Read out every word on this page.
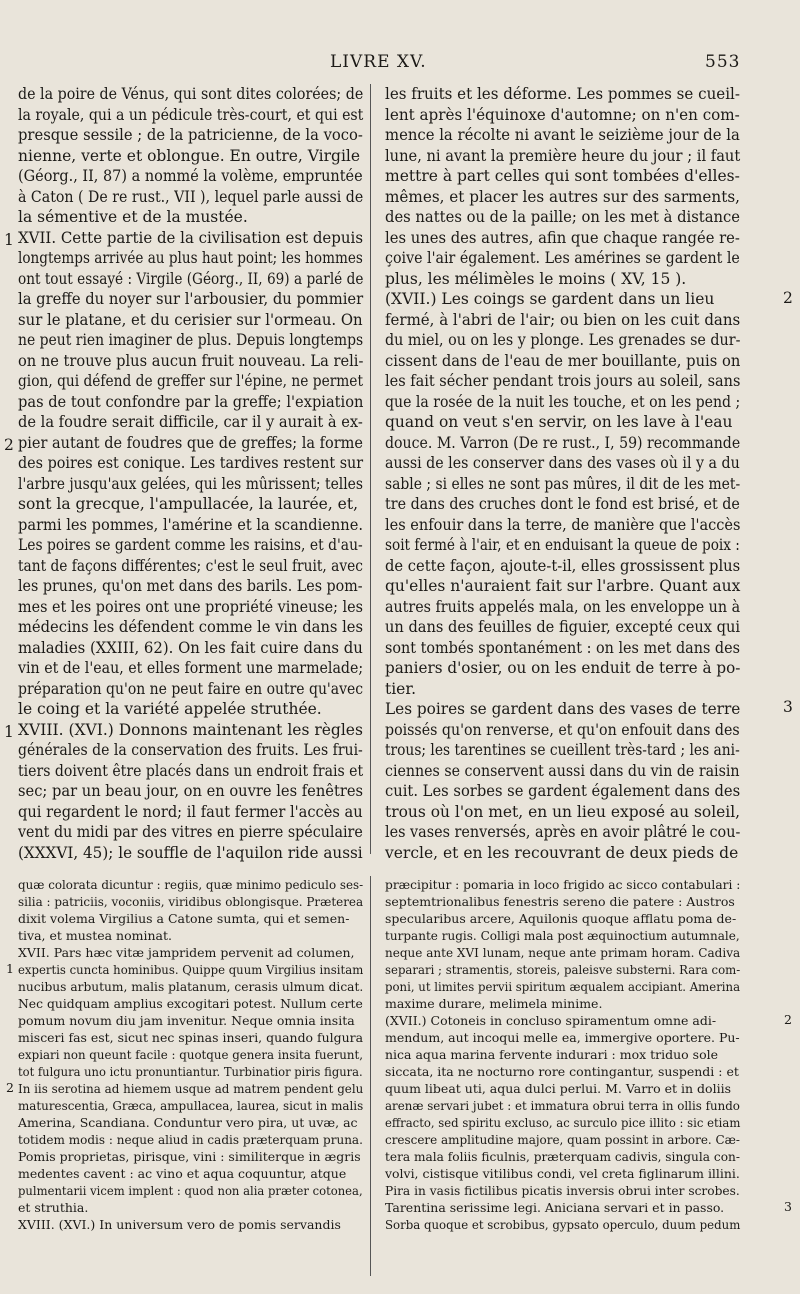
LIVRE XV.	553
de la poire de Vénus, qui sont dites colorées; de
la royale, qui a un pédicule très-court, et qui est
presque sessile ; de la patricienne, de la voco-
nienne, verte et oblongue. En outre, Virgile
(Géorg., II, 87) a nommé la volème, empruntée
à Caton ( De re rust., VII ), lequel parle aussi de
la sémentive et de la mustée.
XVII. Cette partie de la civilisation est depuis
longtemps arrivée au plus haut point; les hommes
ont tout essayé : Virgile (Géorg., II, 69) a parlé de
la greffe du noyer sur l'arbousier, du pommier
sur le platane, et du cerisier sur l'ormeau. On
ne peut rien imaginer de plus. Depuis longtemps
on ne trouve plus aucun fruit nouveau. La reli-
gion, qui défend de greffer sur l'épine, ne permet
pas de tout confondre par la greffe; l'expiation
de la foudre serait difficile, car il y aurait à ex-
pier autant de foudres que de greffes; la forme
des poires est conique. Les tardives restent sur
l'arbre jusqu'aux gelées, qui les mûrissent; telles
sont la grecque, l'ampullacée, la laurée, et,
parmi les pommes, l'amérine et la scandienne.
Les poires se gardent comme les raisins, et d'au-
tant de façons différentes; c'est le seul fruit, avec
les prunes, qu'on met dans des barils. Les pom-
mes et les poires ont une propriété vineuse; les
médecins les défendent comme le vin dans les
maladies (XXIII, 62). On les fait cuire dans du
vin et de l'eau, et elles forment une marmelade;
préparation qu'on ne peut faire en outre qu'avec
le coing et la variété appelée struthée.
XVIII. (XVI.) Donnons maintenant les règles
générales de la conservation des fruits. Les frui-
tiers doivent être placés dans un endroit frais et
sec; par un beau jour, on en ouvre les fenêtres
qui regardent le nord; il faut fermer l'accès au
vent du midi par des vitres en pierre spéculaire
(XXXVI, 45); le souffle de l'aquilon ride aussi
les fruits et les déforme. Les pommes se cueil-
lent après l'équinoxe d'automne; on n'en com-
mence la récolte ni avant le seizième jour de la
lune, ni avant la première heure du jour ; il faut
mettre à part celles qui sont tombées d'elles-
mêmes, et placer les autres sur des sarments,
des nattes ou de la paille; on les met à distance
les unes des autres, afin que chaque rangée re-
çoive l'air également. Les amérines se gardent le
plus, les mélimèles le moins ( XV, 15 ).
(XVII.) Les coings se gardent dans un lieu
fermé, à l'abri de l'air; ou bien on les cuit dans
du miel, ou on les y plonge. Les grenades se dur-
cissent dans de l'eau de mer bouillante, puis on
les fait sécher pendant trois jours au soleil, sans
que la rosée de la nuit les touche, et on les pend ;
quand on veut s'en servir, on les lave à l'eau
douce. M. Varron (De re rust., I, 59) recommande
aussi de les conserver dans des vases où il y a du
sable ; si elles ne sont pas mûres, il dit de les met-
tre dans des cruches dont le fond est brisé, et de
les enfouir dans la terre, de manière que l'accès
soit fermé à l'air, et en enduisant la queue de poix :
de cette façon, ajoute-t-il, elles grossissent plus
qu'elles n'auraient fait sur l'arbre. Quant aux
autres fruits appelés mala, on les enveloppe un à
un dans des feuilles de figuier, excepté ceux qui
sont tombés spontanément : on les met dans des
paniers d'osier, ou on les enduit de terre à po-
tier.
Les poires se gardent dans des vases de terre
poissés qu'on renverse, et qu'on enfouit dans des
trous; les tarentines se cueillent très-tard ; les ani-
ciennes se conservent aussi dans du vin de raisin
cuit. Les sorbes se gardent également dans des
trous où l'on met, en un lieu exposé au soleil,
les vases renversés, après en avoir plâtré le cou-
vercle, et en les recouvrant de deux pieds de
quæ colorata dicuntur : regiis, quæ minimo pediculo ses-
silia : patriciis, voconiis, viridibus oblongisque. Præterea
dixit volema Virgilius a Catone sumta, qui et semen-
tiva, et mustea nominat.
XVII. Pars hæc vitæ jampridem pervenit ad columen,
expertis cuncta hominibus. Quippe quum Virgilius insitam
nucibus arbutum, malis platanum, cerasis ulmum dicat.
Nec quidquam amplius excogitari potest. Nullum certe
pomum novum diu jam invenitur. Neque omnia insita
misceri fas est, sicut nec spinas inseri, quando fulgura
expiari non queunt facile : quotque genera insita fuerunt,
tot fulgura uno ictu pronuntiantur. Turbinatior piris figura.
In iis serotina ad hiemem usque ad matrem pendent gelu
maturescentia, Græca, ampullacea, laurea, sicut in malis
Amerina, Scandiana. Conduntur vero pira, ut uvæ, ac
totidem modis : neque aliud in cadis præterquam pruna.
Pomis proprietas, pirisque, vini : similiterque in ægris
medentes cavent : ac vino et aqua coquuntur, atque
pulmentarii vicem implent : quod non alia præter cotonea,
et struthia.
XVIII. (XVI.) In universum vero de pomis servandis
præcipitur : pomaria in loco frigido ac sicco contabulari :
septemtrionalibus fenestris sereno die patere : Austros
specularibus arcere, Aquilonis quoque afflatu poma de-
turpante rugis. Colligi mala post æquinoctium autumnale,
neque ante XVI lunam, neque ante primam horam. Cadiva
separari ; stramentis, storeis, paleisve substerni. Rara com-
poni, ut limites pervii spiritum æqualem accipiant. Amerina
maxime durare, melimela minime.
(XVII.) Cotoneis in concluso spiramentum omne adi-
mendum, aut incoqui melle ea, immergive oportere. Pu-
nica aqua marina fervente indurari : mox triduo sole
siccata, ita ne nocturno rore contingantur, suspendi : et
quum libeat uti, aqua dulci perlui. M. Varro et in doliis
arenæ servari jubet : et immatura obrui terra in ollis fundo
effracto, sed spiritu excluso, ac surculo pice illito : sic etiam
crescere amplitudine majore, quam possint in arbore. Cæ-
tera mala foliis ficulnis, præterquam cadivis, singula con-
volvi, cistisque vitilibus condi, vel creta figlinarum illini.
Pira in vasis fictilibus picatis inversis obrui inter scrobes.
Tarentina serissime legi. Aniciana servari et in passo.
Sorba quoque et scrobibus, gypsato operculo, duum pedum
1
2
1
2
3
1
2
2
3
